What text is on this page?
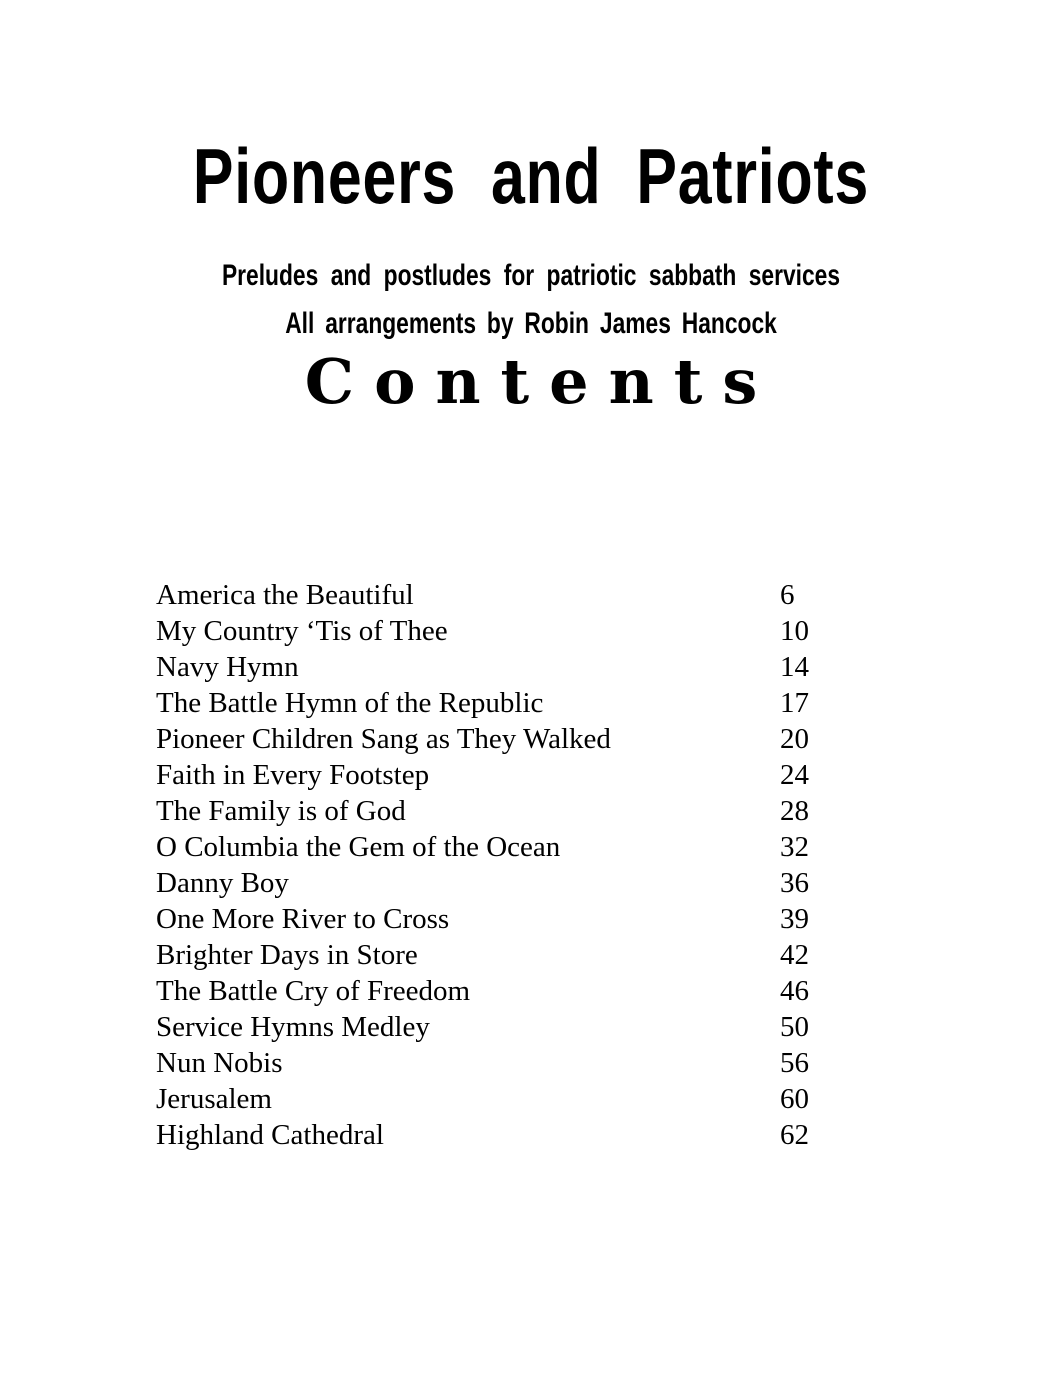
Pioneers and Patriots
Preludes and postludes for patriotic sabbath services
All arrangements by Robin James Hancock
Contents
America the Beautiful	6
My Country ‘Tis of Thee	10
Navy Hymn	14
The Battle Hymn of the Republic	17
Pioneer Children Sang as They Walked	20
Faith in Every Footstep	24
The Family is of God	28
O Columbia the Gem of the Ocean	32
Danny Boy	36
One More River to Cross	39
Brighter Days in Store	42
The Battle Cry of Freedom	46
Service Hymns Medley	50
Nun Nobis	56
Jerusalem	60
Highland Cathedral	62
